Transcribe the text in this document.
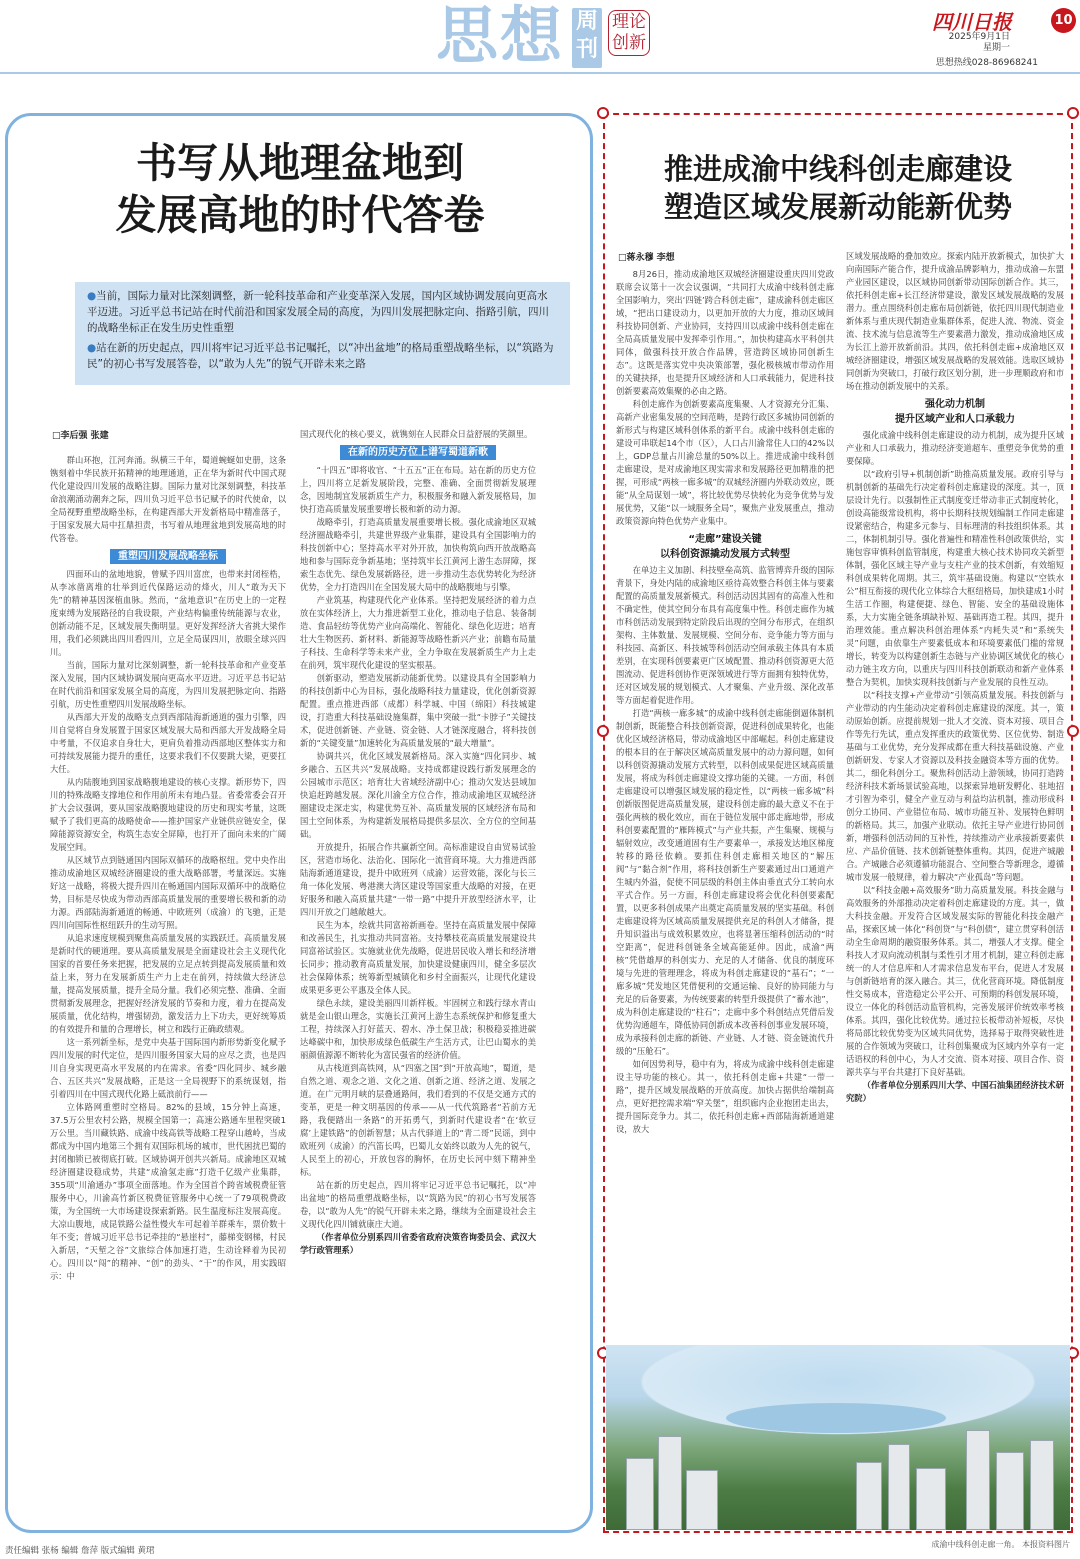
思想 周刊
理论创新
四川日报	10
2025年9月1日
星期一
思想热线028-86968241
书写从地理盆地到
发展高地的时代答卷

●当前，国际力量对比深刻调整，新一轮科技革命和产业变革深入发展，国内区域协调发展向更高水平迈进。习近平总书记站在时代前沿和国家发展全局的高度，为四川发展把脉定向、指路引航，四川的战略坐标正在发生历史性重塑

●站在新的历史起点，四川将牢记习近平总书记嘱托，以“冲出盆地”的格局重塑战略坐标，以“筑路为民”的初心书写发展答卷，以“敢为人先”的锐气开辟未来之路

□李后强 张建

群山环抱，江河奔涌。纵横三千年，蜀道蜿蜒如史册，这条镌刻着中华民族开拓精神的地理通道，正在华为新时代中国式现代化建设四川发展的战略注脚。国际力量对比深刻调整，科技革命浪潮涌动潮奔之际，四川负习近平总书记赋予的时代使命，以全局视野重塑战略坐标，在构建西部大开发新格局中精准落子，于国家发展大局中扛鼎担责，书写着从地理盆地到发展高地的时代答卷。

重塑四川发展战略坐标

四面环山的盆地地貌，曾赋予四川富庶，也带来封闭桎梏，从李冰凿离堆的壮举到近代保路运动的烽火，川人“敢为天下先”的精神基因深植血脉。然而，“盆地意识”在历史上的一定程度束缚为发展路径的自我设限，产业结构偏重传统能源与农业，创新动能不足，区域发展失衡明显。更好发挥经济大省挑大梁作用，我们必须跳出四川看四川，立足全局谋四川，放眼全球兴四川。

当前，国际力量对比深刻调整，新一轮科技革命和产业变革深入发展，国内区域协调发展向更高水平迈进。习近平总书记站在时代前沿和国家发展全局的高度，为四川发展把脉定向、指路引航，历史性重塑四川发展战略坐标。

从西部大开发的战略支点到西部陆海新通道的强力引擎，四川自觉将自身发展置于国家区域发展大局和西部大开发战略全局中考量，不仅追求自身壮大，更肩负着推动西部地区整体实力和可持续发展能力提升的重任，这要求我们不仅要跳大梁，更要扛大任。

从内陆腹地到国家战略腹地建设的核心支撑。新形势下，四川的特殊战略支撑地位和作用前所未有地凸显。省委常委会召开扩大会议强调，要从国家战略腹地建设的历史和现实考量，这既赋予了我们更高的战略使命——推护国家产业链供应链安全，保障能源资源安全，构筑生态安全屏障，也打开了面向未来的广阔发展空间。

从区域节点到链通国内国际双循环的战略枢纽。党中央作出推动成渝地区双城经济圈建设的重大战略部署，考量深远。实施好这一战略，将极大提升四川在畅通国内国际双循环中的战略位势，目标是尽快成为带动西部高质量发展的重要增长极和新的动力源。西部陆海新通道的畅通、中欧班列（成渝）的飞驰，正是四川向国际性枢纽跃升的生动写照。

从追求速度规模到聚焦高质量发展的实践跃迁。高质量发展是新时代的硬道理。要从高质量发展是全面建设社会主义现代化国家的首要任务来把握，把发展的立足点转到提高发展质量和效益上来，努力在发展新质生产力上走在前列，持续做大经济总量，提高发展质量，提升全局分量。我们必须完整、准确、全面贯彻新发展理念，把握好经济发展的节奏和力度，着力在提高发展质量，优化结构，增强韧劲，激发活力上下功夫，更好统筹质的有效提升和量的合理增长，树立和践行正确政绩观。

这一系列新坐标，是党中央基于国际国内新形势新变化赋予四川发展的时代定位，是四川服务国家大局的应尽之责，也是四川自身实现更高水平发展的内在需求。省委“四化同步、城乡融合、五区共兴”发展战略，正是这一全局视野下的系统谋划，指引着四川在中国式现代化路上砥浪前行——

立体路网重塑时空格局。82%的县域，15分钟上高速，37.5万公里农村公路，规模全国第一；高速公路通车里程突破1万公里。当川藏铁路、成渝中线高铁等战略工程穿山越岭，当成都成为中国内地第三个拥有双国际机场的城市，世代困扰巴蜀的封闭枷锁已被彻底打破。区域协调开创共兴新局。成渝地区双城经济圈建设稳成势，共建“成渝氢走廊”打造千亿级产业集群，355项“川渝通办”事项全面落地。作为全国首个跨省域税费征管服务中心，川渝高竹新区税费征管服务中心统一了79项税费政策，为全国统一大市场建设探索新路。民生温度标注发展高度。大凉山腹地，成昆铁路公益性慢火车可起着羊群乘车，票价数十年不变；普城习近平总书记牵挂的“悬崖村”，藤梯变钢梯，村民入新居，“天堑之谷”文旅综合体加速打造，生动诠释着为民初心。四川以“闯”的精神、“创”的劲头、“干”的作风，用实践昭示：中

国式现代化的核心要义，就镌刻在人民群众日益舒展的笑颜里。

在新的历史方位上谱写蜀道新歌

“十四五”即将收官、“十五五”正在布局。站在新的历史方位上，四川将立足新发展阶段，完整、准确、全面贯彻新发展理念，因地制宜发展新质生产力，积极服务和融入新发展格局，加快打造高质量发展重要增长极和新的动力源。

战略牵引，打造高质量发展重要增长极。强化成渝地区双城经济圈战略牵引，共建世界级产业集群，建设具有全国影响力的科技创新中心；坚持高水平对外开放，加快构筑向西开放战略高地和参与国际竞争新基地；坚持筑牢长江黄河上游生态屏障，探索生态优先、绿色发展新路径，进一步推动生态优势转化为经济优势，全力打造四川在全国发展大局中的战略腹地与引擎。

产业筑基，构建现代化产业体系。坚持把发展经济的着力点放在实体经济上，大力推进新型工业化，推动电子信息、装备制造、食品轻纺等优势产业向高端化、智能化、绿色化迈进；培育壮大生物医药、新材料、新能源等战略性新兴产业；前瞻布局量子科技、生命科学等未来产业，全力争取在发展新质生产力上走在前列，筑牢现代化建设的坚实根基。

创新驱动，塑造发展新动能新优势。以建设具有全国影响力的科技创新中心为目标，强化战略科技力量建设，优化创新资源配置。重点推进西部（成都）科学城、中国（绵阳）科技城建设，打造重大科技基础设施集群，集中突破一批“卡脖子”关键技术，促进创新链、产业链、资金链、人才链深度融合，将科技创新的“关键变量”加速转化为高质量发展的“最大增量”。

协调共兴，优化区域发展新格局。深入实施“四化同步、城乡融合、五区共兴”发展战略。支持成都建设践行新发展理念的公园城市示范区；培育壮大省域经济副中心；推动欠发达县域加快追赶跨越发展。深化川渝全方位合作，推动成渝地区双城经济圈建设走深走实，构建优势互补、高质量发展的区域经济布局和国土空间体系，为构建新发展格局提供多层次、全方位的空间基础。

开放提升，拓展合作共赢新空间。高标准建设自由贸易试验区，营造市场化、法治化、国际化一流营商环境。大力推进西部陆海新通道建设，提升中欧班列（成渝）运营效能，深化与长三角一体化发展、粤港澳大湾区建设等国家重大战略的对接，在更好服务和融入高质量共建“一带一路”中提升开放型经济水平，让四川开放之门越敞越大。

民生为本，绘就共同富裕新画卷。坚持在高质量发展中保障和改善民生，扎实推动共同富裕。支持攀枝花高质量发展建设共同富裕试验区。实施就业优先战略，促进居民收入增长和经济增长同步；推动教育高质量发展，加快建设健康四川，健全多层次社会保障体系；统筹新型城镇化和乡村全面振兴，让现代化建设成果更多更公平惠及全体人民。

绿色永续，建设美丽四川新样板。牢固树立和践行绿水青山就是金山银山理念，实施长江黄河上游生态系统保护和修复重大工程，持续深入打好蓝天、碧水、净土保卫战；积极稳妥推进碳达峰碳中和，加快形成绿色低碳生产生活方式，让巴山蜀水的美丽颜值源源不断转化为富民强省的经济价值。

从古栈道到高铁网，从“四塞之国”到“开放高地”，蜀道，是自然之道、观念之道、文化之道、创新之道、经济之道、发展之道。在广元明月峡的层叠通路间，我们看到的不仅是交通方式的变革，更是一种文明基因的传承——从一代代筑路者“若前方无路，我便踏出一条路”的开拓勇气，到新时代建设者“在‘软豆腐’上建铁路”的创新智慧；从古代驿道上的“青二哥”民谣，到中欧班列（成渝）的汽笛长鸣，巴蜀儿女始终以敢为人先的锐气，人民至上的初心，开放包容的胸怀，在历史长河中刻下精神坐标。

站在新的历史起点，四川将牢记习近平总书记嘱托，以“冲出盆地”的格局重塑战略坐标，以“筑路为民”的初心书写发展答卷，以“敢为人先”的锐气开辟未来之路，继续为全面建设社会主义现代化四川铺就康庄大道。

（作者单位分别系四川省委省政府决策咨询委员会、武汉大学行政管理系）

推进成渝中线科创走廊建设
塑造区域发展新动能新优势
□蒋永穆 李想

8月26日，推动成渝地区双城经济圈建设重庆四川党政联席会议第十一次会议强调，“共同打大成渝中线科创走廊全国影响力，突出‘四链’跨合科创走廊”，建成渝科创走廊区域，“把出口建设动力，以更加开放的大力度，推动区域间科技协同创新、产业协同，支持四川以成渝中线科创走廊在全局高质量发展中发挥牵引作用。”，加快构建高水平科创共同体，做强科技开放合作品牌，营造跨区域协同创新生态”。这既是落实党中央决策部署，强化极核城市带动作用的关键抉择，也是提升区域经济和人口承载能力，促进科技创新要素高效集聚的必由之路。

科创走廊作为创新要素高度集聚、人才资源充分汇集、高新产业密集发展的空间范畴，是跨行政区多城协同创新的新形式与构建区域科创体系的新平台。成渝中线科创走廊的建设可串联起14个市（区），人口占川渝常住人口的42%以上，GDP总量占川渝总量的50%以上。推进成渝中线科创走廊建设，是对成渝地区现实需求和发展路径更加精准的把握，可形成“两核一廊多城”的双城经济圈内外联动效应，既能“从全局谋划一域”，将比较优势尽快转化为竞争优势与发展优势，又能“以一域服务全局”，聚焦产业发展重点，推动政策资源向特色优势产业集中。

“走廊”建设关键
以科创资源撬动发展方式转型

在单边主义加剧、科技壁垒高筑、监管博弈升级的国际背景下，身处内陆的成渝地区亟待高效整合科创主体与要素配置的高质量发展新模式。科创活动因其固有的高准入性和不确定性，使其空间分布具有高度集中性。科创走廊作为城市科创活动发展到特定阶段后出现的空间分布形式，在组织架构、主体数量、发展规模、空间分布、竞争能力等方面与科技园、高新区、科技城等科创活动空间承载主体具有本质差别，在实现科创要素更广区域配置、推动科创资源更大范围流动、促进科创协作更深领域进行等方面拥有独特优势，还对区域发展的规划模式、人才聚集、产业升级、深化改革等方面起着促进作用。

打造“两核一廊多城”的成渝中线科创走廊能倒逼体制机制创新，既能整合科技创新资源，促进科创成果转化，也能优化区域经济格局，带动成渝地区中部崛起。科创走廊建设的根本目的在于解决区域高质量发展中的动力源问题，如何以科创资源撬动发展方式转型，以科创成果促进区域高质量发展，将成为科创走廊建设文撑功能的关键。一方面，科创走廊建设可以增强区域发展的稳定性，以“两核一廊多城”科创新版图促进高质量发展，建设科创走廊的最大意义不在于强化两核的极化效应，而在于链位发展中部走廊地带，形成科创要素配置的“雁阵模式”与产业共振，产生集聚、规模与辐射效应，改变通道固有生产要素单一，承接发达地区梯度转移的路径依赖。要抓住科创走廊相关地区的“解压阀”与“黏合剂”作用，将科技创新生产要素通过出口通道产生城内外溢，促使不同层级的科创主体由垂直式分工转向水平式合作。另一方面，科创走廊建设将会优化科创要素配置，以更多科创成果产出奠定高质量发展的坚实基础。科创走廊建设将为区域高质量发展提供充足的科创人才储备，提升知识溢出与成效积累效应，也将显著压缩科创活动的“时空距离”，促进科创链条全域高能延伸。因此，成渝“两核”凭借雄厚的科创实力、充足的人才储备、优良的制度环境与先进的管理理念，将成为科创走廊建设的“基石”；“一廊多城”凭发地区凭借便利的交通运输、良好的协同能力与充足的后备要素，为传统要素的转型升级提供了“蓄水池”，成为科创走廊建设的“柱石”；走廊中多个科创结点凭借后发优势沟通超车，降低协同创新成本改善科创事业发展环境，成为承接科创走廊的新链、产业链、人才链、资金链流代升级的“压舱石”。

如何因势利导，稳中有为，将成为成渝中线科创走廊建设主导功能的核心。其一，依托科创走廊+共建“一带一路”，提升区域发展战略的开放高度。加快占据供给端制高点，更好把控需求端“窄关堡”，组织廊内企业抱团走出去，提升国际竞争力。其二，依托科创走廊+西部陆海新通道建设，放大

区域发展战略的叠加效应。探索内陆开放新模式，加快扩大向南国际产能合作，提升成渝品牌影响力，推动成渝—东盟产业园区建设，以区域协同创新带动国际创新合作。其三，依托科创走廊+长江经济带建设，激发区域发展战略的发展潜力。重点围绕科创走廊布局创新链，依托四川现代制造业新体系与重庆现代制造业集群体系，促进人流、物流、资金流、技术流与信息流等生产要素潜力激发，推动成渝地区成为长江上游开放新前沿。其四，依托科创走廊+成渝地区双城经济圈建设，增强区域发展战略的发展效能。选取区域协同创新为突破口，打破行政区划分割，进一步理顺政府和市场在推动创新发展中的关系。

强化动力机制
提升区域产业和人口承载力

强化成渝中线科创走廊建设的动力机制，成为提升区域产业和人口承载力，推动经济变道超车、重塑竞争优势的重要保障。

以“政府引导+机制创新”助推高质量发展。政府引导与机制创新的基础先行决定着科创走廊建设的深度。其一，顶层设计先行。以强制性正式制度变迁带动非正式制度转化，创设高能级常设机构，将中长期科技规划编制工作同走廊建设紧密结合，构建多元参与、目标理清的科技组织体系。其二，体制机制引导。强化普遍性和精准性科创政策供给，实施包容审慎科创监管制度，构建重大核心技术协同攻关新型体制，强化区域主导产业与支柱产业的技术创新，有效缩短科创成果转化周期。其三，筑牢基础设施。构建以“空铁水公”相互衔接的现代化立体综合大枢纽格局，加快建成1小时生活工作圈，构建便捷、绿色、智能、安全的基础设施体系，大力实施全链条填缺补短、基础再造工程。其四，提升治理效能。重点解决科创治理体系“内耗失灵”和“系统失灵”问题，由依靠生产要素低成本和环境要素低门槛的常规增长，转变为以构建创新生态链与产业协调区域优化的核心动力链主攻方向，以重庆与四川科技创新联动和新产业体系整合为契机，加快实现科技创新与产业发展的良性互动。

以“科技支撑+产业带动”引领高质量发展。科技创新与产业带动的内生能动决定着科创走廊建设的深度。其一，策动原始创新。应提前规划一批人才交流、资本对接、项目合作等先行先试，重点发挥重庆的政策优势、区位优势、制造基础与工业优势，充分发挥成都在重大科技基础设施、产业创新研发、专家人才资源以及科技金融资本等方面的优势。其二，细化科创分工。聚焦科创活动上游领域，协同打造跨经济科技术新场景试验高地，以探索异地研发孵化、驻地招才引智为牵引，健全产业互动与利益均沾机制，推动形成科创分工协同、产业错位布局、城市功能互补、发展特色鲜明的新格局。其三，加强产业联动。依托主导产业进行协同创新，增强科创活动间的互补性，持续推动产业承接新要素供应、产品价值链、技术创新链整体重构。其四，促进产城融合。产城融合必须遵循功能混合、空间整合等新理念，遵循城市发展一般规律，着力解决“产业孤岛”等问题。

以“科技金融+高效服务”助力高质量发展。科技金融与高效服务的外部推动决定着科创走廊建设的方度。其一，做大科技金融。开发符合区域发展实际的智能化科技金融产品，探索区域一体化“科创贷”与“科创债”，建立贯穿科创活动全生命周期的融资服务体系。其二，增强人才支撑。健全科技人才双向流动机制与柔性引才用才机制，建立科创走廊统一的人才信息库和人才需求信息发布平台，促进人才发展与创新链培育的深入融合。其三，优化营商环境。降低制度性交易成本，营造稳定公平公开、可预期的科创发展环境，设立一体化的科创活动监管机构，完善发展评价统效率考核体系。其四，强化比较优势。通过拉长板带动补短板，尽快将局部比较优势变为区域共同优势，选择易于取得突破性进展的合作领域为突破口，让科创集聚成为区域内外享有一定话语权的科创中心，为人才交流、资本对接、项目合作、资源共享与平台共建打下良好基础。

（作者单位分别系四川大学、中国石油集团经济技术研究院）

成渝中线科创走廊一角。 本报资料图片
责任编辑 张杨 编辑 詹萍 版式编辑 黄珺
